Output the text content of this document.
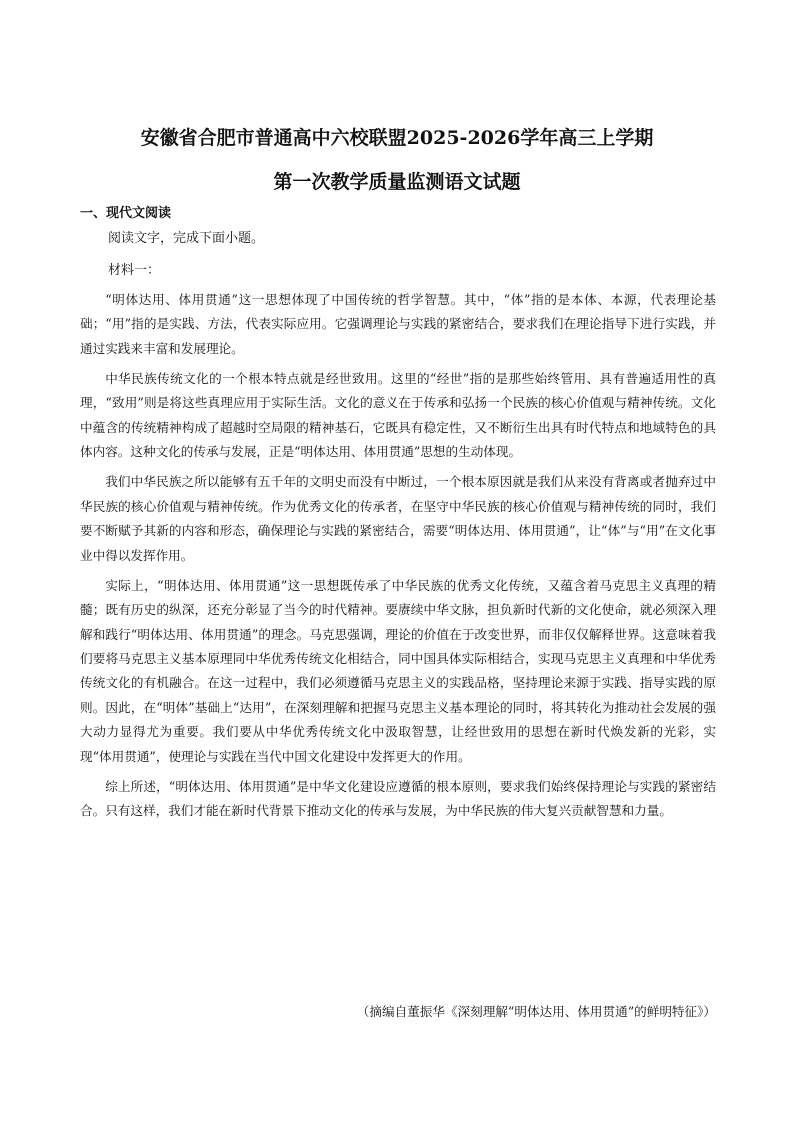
安徽省合肥市普通高中六校联盟2025-2026学年高三上学期
第一次教学质量监测语文试题
一、现代文阅读
阅读文字，完成下面小题。
材料一：

“明体达用、体用贯通”这一思想体现了中国传统的哲学智慧。其中，“体”指的是本体、本源，代表理论基础；“用”指的是实践、方法，代表实际应用。它强调理论与实践的紧密结合，要求我们在理论指导下进行实践，并通过实践来丰富和发展理论。

中华民族传统文化的一个根本特点就是经世致用。这里的“经世”指的是那些始终管用、具有普遍适用性的真理，“致用”则是将这些真理应用于实际生活。文化的意义在于传承和弘扬一个民族的核心价值观与精神传统。文化中蕴含的传统精神构成了超越时空局限的精神基石，它既具有稳定性，又不断衍生出具有时代特点和地域特色的具体内容。这种文化的传承与发展，正是“明体达用、体用贯通”思想的生动体现。

我们中华民族之所以能够有五千年的文明史而没有中断过，一个根本原因就是我们从来没有背离或者抛弃过中华民族的核心价值观与精神传统。作为优秀文化的传承者，在坚守中华民族的核心价值观与精神传统的同时，我们要不断赋予其新的内容和形态，确保理论与实践的紧密结合，需要“明体达用、体用贯通”，让“体”与“用”在文化事业中得以发挥作用。

实际上，“明体达用、体用贯通”这一思想既传承了中华民族的优秀文化传统，又蕴含着马克思主义真理的精髓；既有历史的纵深，还充分彰显了当今的时代精神。要赓续中华文脉，担负新时代新的文化使命，就必须深入理解和践行“明体达用、体用贯通”的理念。马克思强调，理论的价值在于改变世界，而非仅仅解释世界。这意味着我们要将马克思主义基本原理同中华优秀传统文化相结合，同中国具体实际相结合，实现马克思主义真理和中华优秀传统文化的有机融合。在这一过程中，我们必须遵循马克思主义的实践品格，坚持理论来源于实践、指导实践的原则。因此，在“明体”基础上“达用”，在深刻理解和把握马克思主义基本理论的同时，将其转化为推动社会发展的强大动力显得尤为重要。我们要从中华优秀传统文化中汲取智慧，让经世致用的思想在新时代焕发新的光彩，实现“体用贯通”，使理论与实践在当代中国文化建设中发挥更大的作用。

综上所述，“明体达用、体用贯通”是中华文化建设应遵循的根本原则，要求我们始终保持理论与实践的紧密结合。只有这样，我们才能在新时代背景下推动文化的传承与发展，为中华民族的伟大复兴贡献智慧和力量。

（摘编自董振华《深刻理解“明体达用、体用贯通”的鲜明特征》）
